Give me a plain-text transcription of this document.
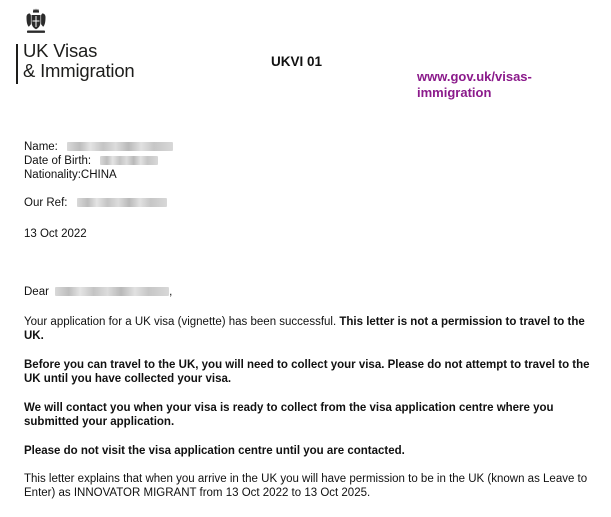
UK Visas
& Immigration	UKVI 01
www.gov.uk/visas-
immigration
Name:
Date of Birth:
Nationality:CHINA
Our Ref:
13 Oct 2022
Dear	,
Your application for a UK visa (vignette) has been successful. This letter is not a permission to travel to the UK.
Before you can travel to the UK, you will need to collect your visa. Please do not attempt to travel to the UK until you have collected your visa.
We will contact you when your visa is ready to collect from the visa application centre where you submitted your application.
Please do not visit the visa application centre until you are contacted.
This letter explains that when you arrive in the UK you will have permission to be in the UK (known as Leave to Enter) as INNOVATOR MIGRANT from 13 Oct 2022 to 13 Oct 2025.
